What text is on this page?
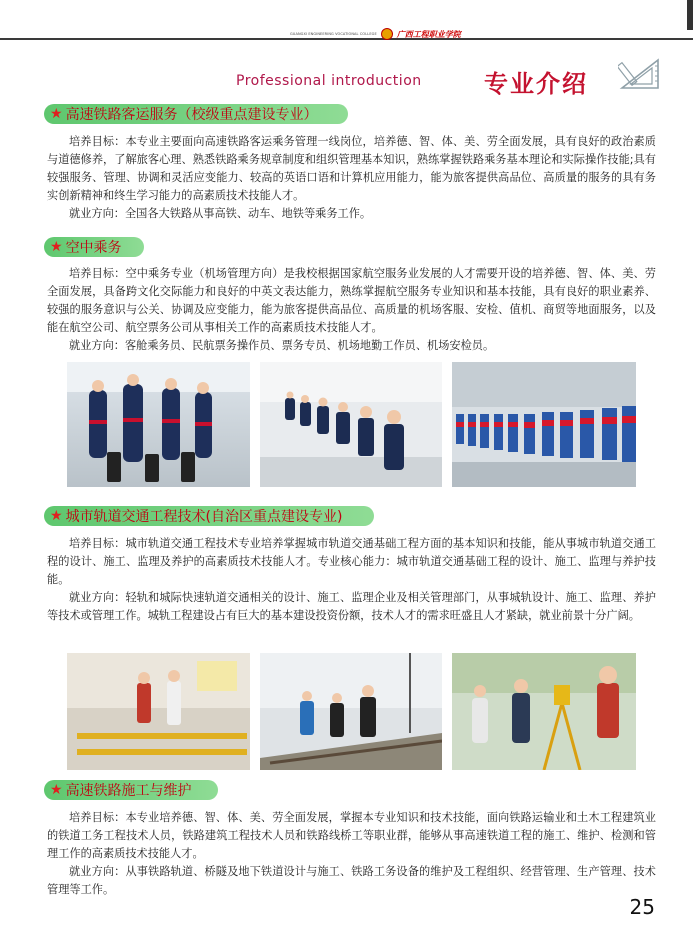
GUANGXI ENGINEERING VOCATIONAL COLLEGE	广西工程职业学院
Professional introduction	专业介绍
★ 高速铁路客运服务（校级重点建设专业）

培养目标：本专业主要面向高速铁路客运乘务管理一线岗位，培养德、智、体、美、劳全面发展，具有良好的政治素质与道德修养，了解旅客心理、熟悉铁路乘务规章制度和组织管理基本知识，熟练掌握铁路乘务基本理论和实际操作技能;具有较强服务、管理、协调和灵活应变能力、较高的英语口语和计算机应用能力，能为旅客提供高品位、高质量的服务的具有务实创新精神和终生学习能力的高素质技术技能人才。

就业方向：全国各大铁路从事高铁、动车、地铁等乘务工作。

★ 空中乘务

培养目标：空中乘务专业（机场管理方向）是我校根据国家航空服务业发展的人才需要开设的培养德、智、体、美、劳全面发展，具备跨文化交际能力和良好的中英文表达能力，熟练掌握航空服务专业知识和基本技能，具有良好的职业素养、较强的服务意识与公关、协调及应变能力，能为旅客提供高品位、高质量的机场客服、安检、值机、商贸等地面服务，以及能在航空公司、航空票务公司从事相关工作的高素质技术技能人才。

就业方向：客舱乘务员、民航票务操作员、票务专员、机场地勤工作员、机场安检员。

★ 城市轨道交通工程技术(自治区重点建设专业)

培养目标：城市轨道交通工程技术专业培养掌握城市轨道交通基础工程方面的基本知识和技能，能从事城市轨道交通工程的设计、施工、监理及养护的高素质技术技能人才。专业核心能力：城市轨道交通基础工程的设计、施工、监理与养护技能。

就业方向：轻轨和城际快速轨道交通相关的设计、施工、监理企业及相关管理部门，从事城轨设计、施工、监理、养护等技术或管理工作。城轨工程建设占有巨大的基本建设投资份额，技术人才的需求旺盛且人才紧缺，就业前景十分广阔。

★ 高速铁路施工与维护

培养目标：本专业培养德、智、体、美、劳全面发展，掌握本专业知识和技术技能，面向铁路运输业和土木工程建筑业的铁道工务工程技术人员，铁路建筑工程技术人员和铁路线桥工等职业群，能够从事高速铁道工程的施工、维护、检测和管理工作的高素质技术技能人才。

就业方向：从事铁路轨道、桥隧及地下铁道设计与施工、铁路工务设备的维护及工程组织、经营管理、生产管理、技术管理等工作。

25
